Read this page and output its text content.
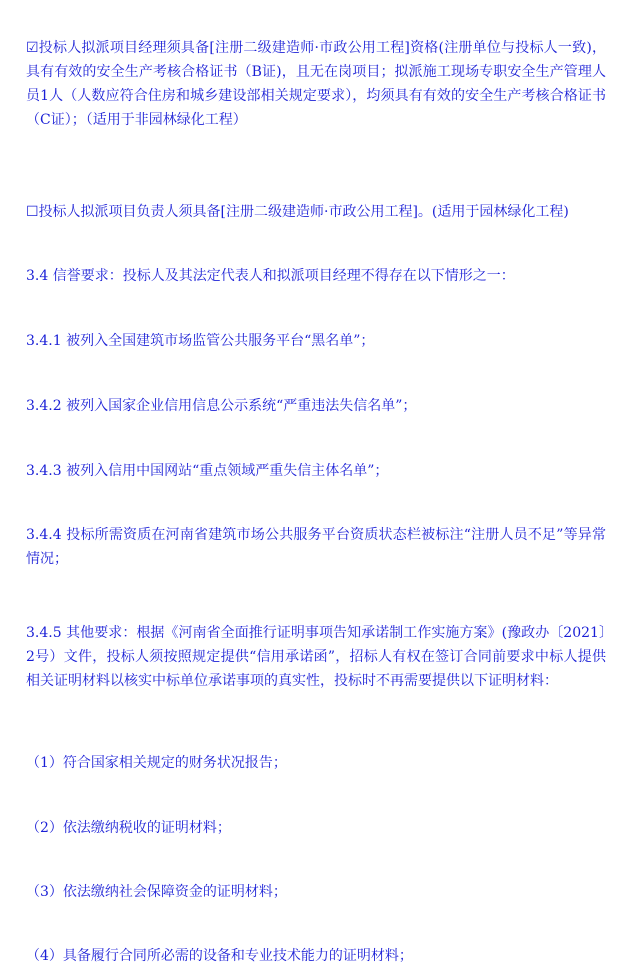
☑投标人拟派项目经理须具备[注册二级建造师·市政公用工程]资格(注册单位与投标人一致)，具有有效的安全生产考核合格证书（B证)，且无在岗项目；拟派施工现场专职安全生产管理人员1人（人数应符合住房和城乡建设部相关规定要求），均须具有有效的安全生产考核合格证书（C证）；（适用于非园林绿化工程）

☐投标人拟派项目负责人须具备[注册二级建造师·市政公用工程]。(适用于园林绿化工程)

3.4 信誉要求：投标人及其法定代表人和拟派项目经理不得存在以下情形之一：

3.4.1 被列入全国建筑市场监管公共服务平台“黑名单”；

3.4.2 被列入国家企业信用信息公示系统“严重违法失信名单”；

3.4.3 被列入信用中国网站“重点领域严重失信主体名单”；

3.4.4 投标所需资质在河南省建筑市场公共服务平台资质状态栏被标注“注册人员不足”等异常情况；

3.4.5 其他要求：根据《河南省全面推行证明事项告知承诺制工作实施方案》(豫政办〔2021〕2号）文件，投标人须按照规定提供“信用承诺函”，招标人有权在签订合同前要求中标人提供相关证明材料以核实中标单位承诺事项的真实性，投标时不再需要提供以下证明材料：

（1）符合国家相关规定的财务状况报告；

（2）依法缴纳税收的证明材料；

（3）依法缴纳社会保障资金的证明材料；

（4）具备履行合同所必需的设备和专业技术能力的证明材料；
